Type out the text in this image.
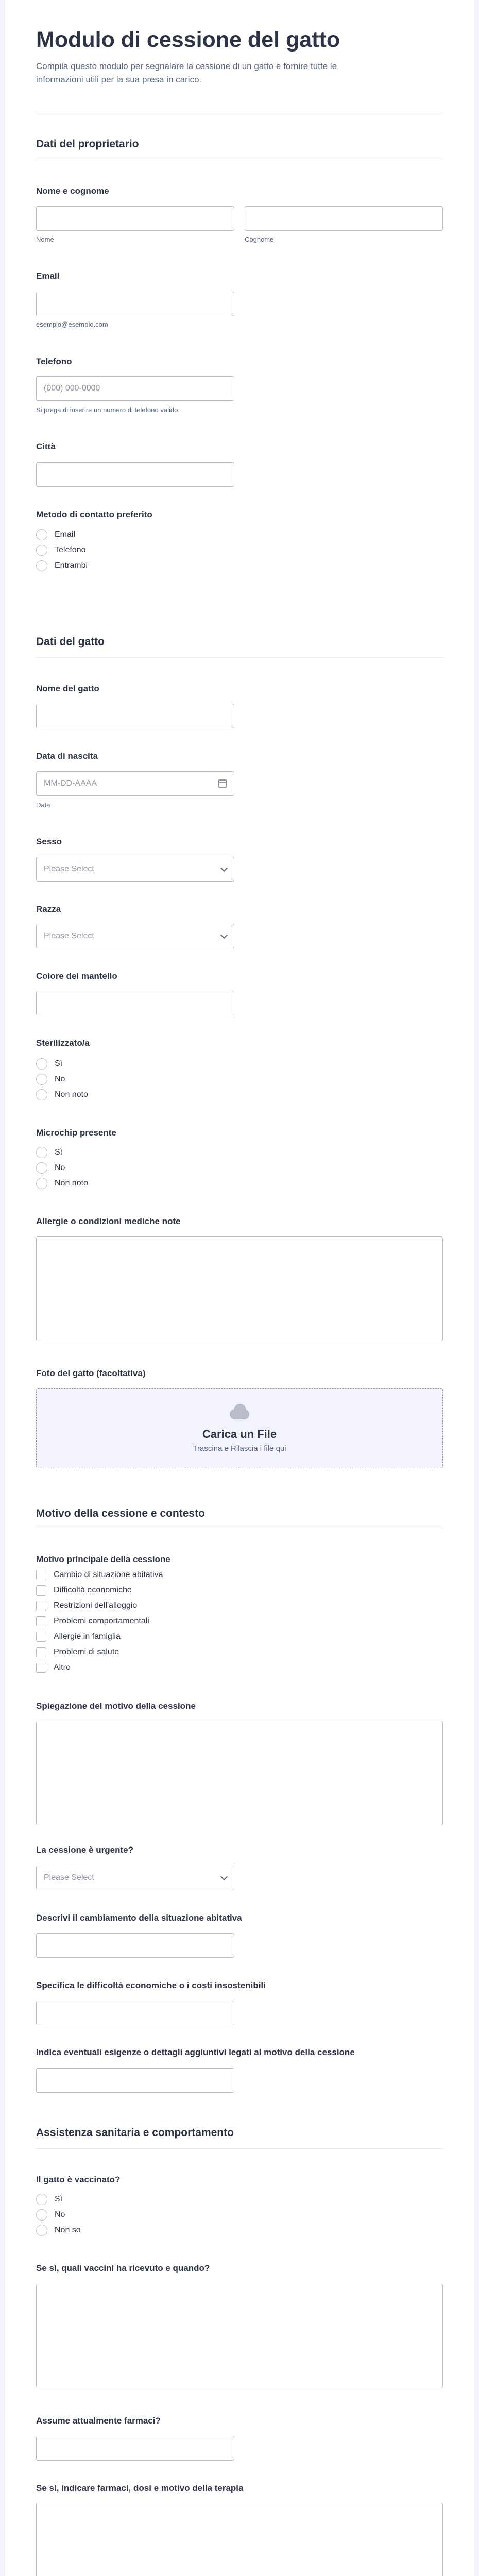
Modulo di cessione del gatto
Compila questo modulo per segnalare la cessione di un gatto e fornire tutte le informazioni utili per la sua presa in carico.
Dati del proprietario
Nome e cognome
Nome	Cognome
Email
esempio@esempio.com
Telefono
(000) 000-0000
Si prega di inserire un numero di telefono valido.
Città
Metodo di contatto preferito
Email
Telefono
Entrambi
Dati del gatto
Nome del gatto
Data di nascita
MM-DD-AAAA
Data
Sesso
Please Select
Razza
Please Select
Colore del mantello
Sterilizzato/a
Sì
No
Non noto
Microchip presente
Sì
No
Non noto
Allergie o condizioni mediche note
Foto del gatto (facoltativa)
Carica un File
Trascina e Rilascia i file qui
Motivo della cessione e contesto
Motivo principale della cessione
Cambio di situazione abitativa
Difficoltà economiche
Restrizioni dell'alloggio
Problemi comportamentali
Allergie in famiglia
Problemi di salute
Altro
Spiegazione del motivo della cessione
La cessione è urgente?
Please Select
Descrivi il cambiamento della situazione abitativa
Specifica le difficoltà economiche o i costi insostenibili
Indica eventuali esigenze o dettagli aggiuntivi legati al motivo della cessione
Assistenza sanitaria e comportamento
Il gatto è vaccinato?
Sì
No
Non so
Se sì, quali vaccini ha ricevuto e quando?
Assume attualmente farmaci?
Se sì, indicare farmaci, dosi e motivo della terapia
